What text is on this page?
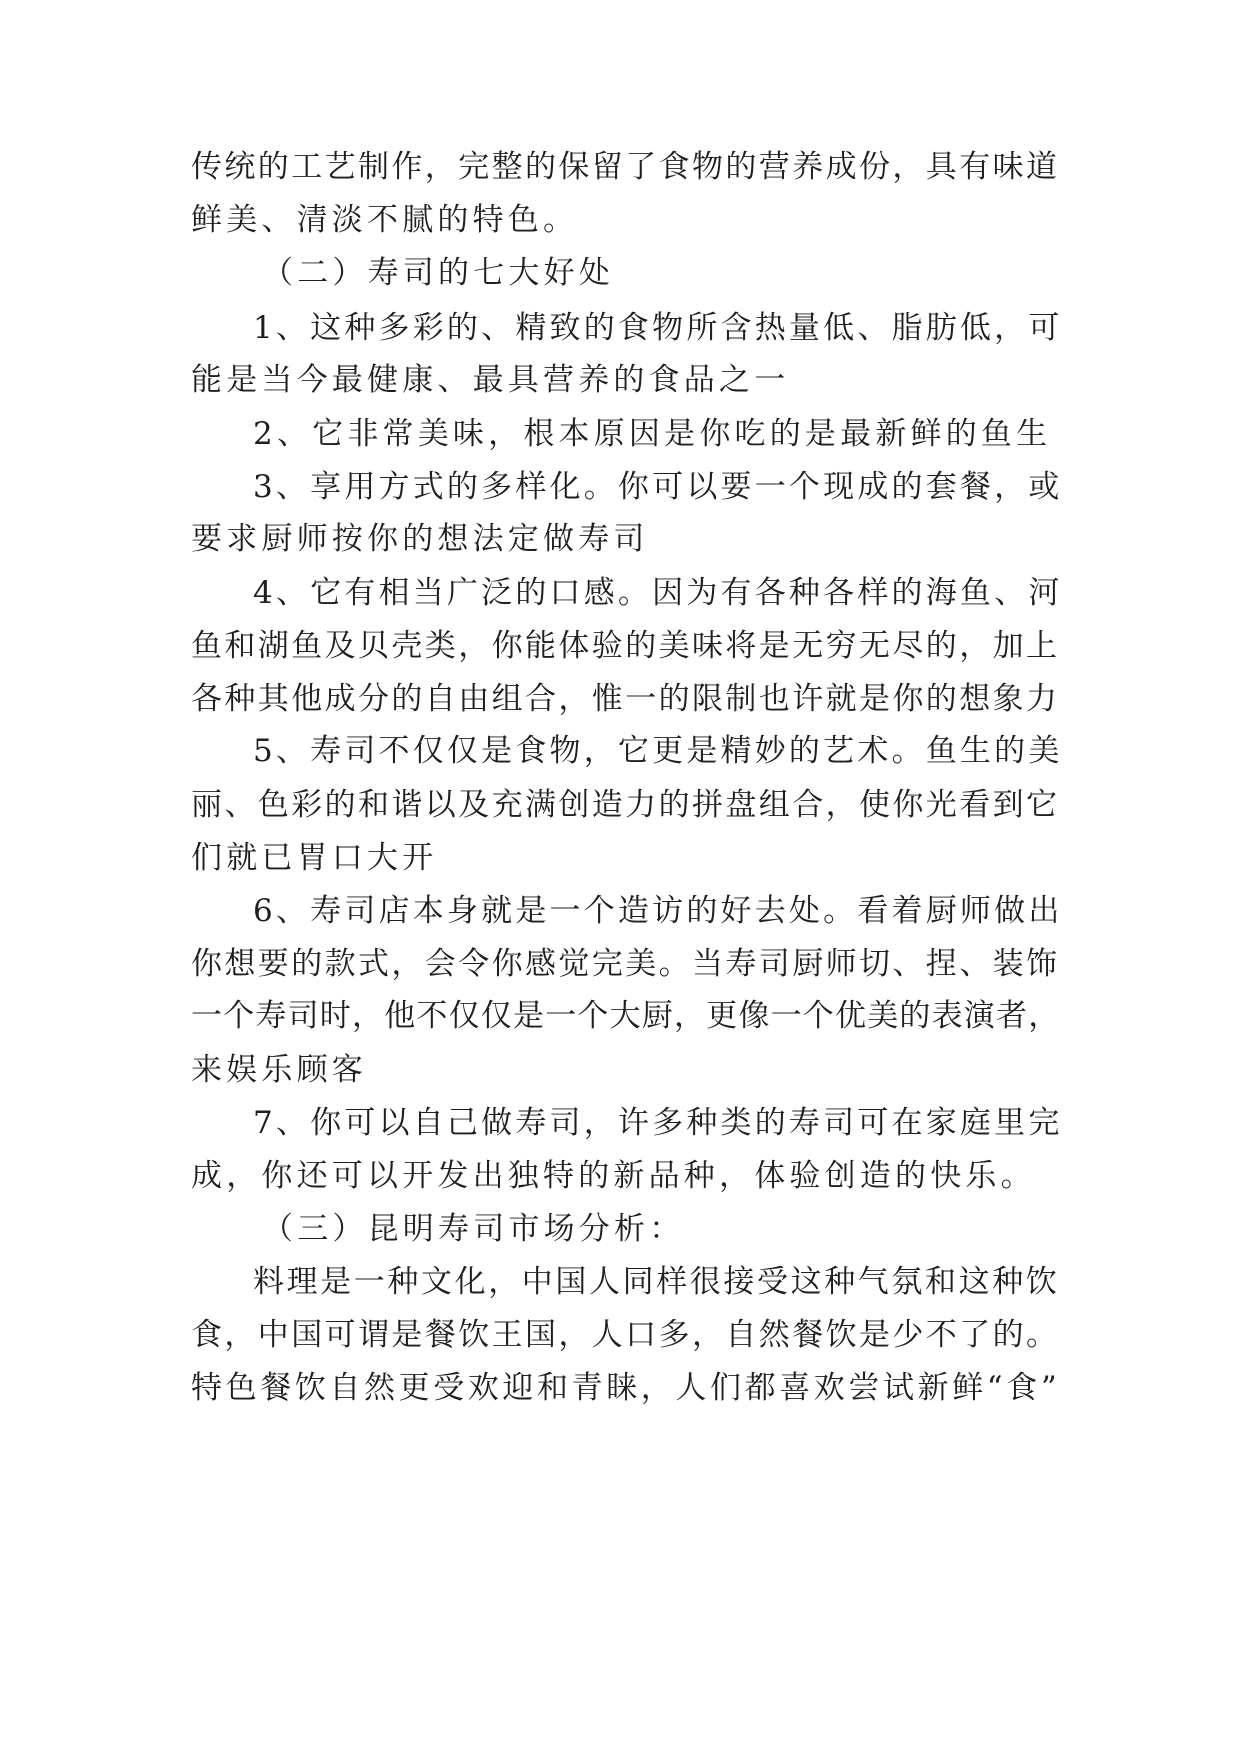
传统的工艺制作，完整的保留了食物的营养成份，具有味道
鲜美、清淡不腻的特色。
（二）寿司的七大好处
1、这种多彩的、精致的食物所含热量低、脂肪低，可
能是当今最健康、最具营养的食品之一
2、它非常美味，根本原因是你吃的是最新鲜的鱼生
3、享用方式的多样化。你可以要一个现成的套餐，或
要求厨师按你的想法定做寿司
4、它有相当广泛的口感。因为有各种各样的海鱼、河
鱼和湖鱼及贝壳类，你能体验的美味将是无穷无尽的，加上
各种其他成分的自由组合，惟一的限制也许就是你的想象力
5、寿司不仅仅是食物，它更是精妙的艺术。鱼生的美
丽、色彩的和谐以及充满创造力的拼盘组合，使你光看到它
们就已胃口大开
6、寿司店本身就是一个造访的好去处。看着厨师做出
你想要的款式，会令你感觉完美。当寿司厨师切、捏、装饰
一个寿司时，他不仅仅是一个大厨，更像一个优美的表演者，
来娱乐顾客
7、你可以自己做寿司，许多种类的寿司可在家庭里完
成，你还可以开发出独特的新品种，体验创造的快乐。
（三）昆明寿司市场分析：
料理是一种文化，中国人同样很接受这种气氛和这种饮
食，中国可谓是餐饮王国，人口多，自然餐饮是少不了的。
特色餐饮自然更受欢迎和青睐，人们都喜欢尝试新鲜“食”
